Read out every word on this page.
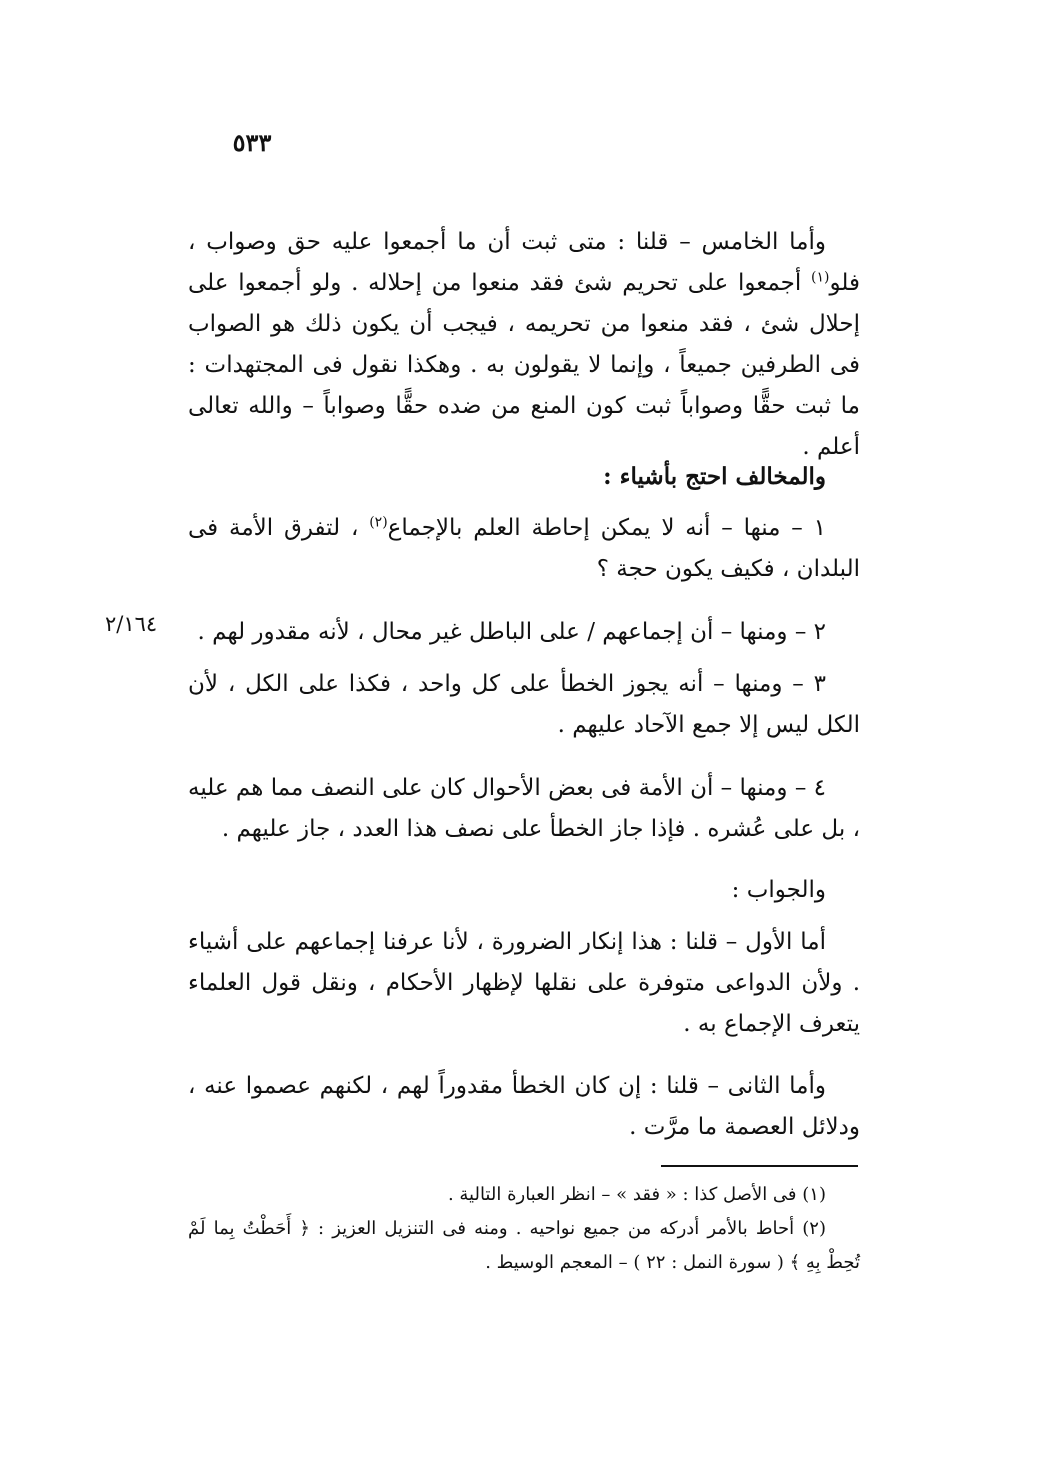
٥٣٣
٢/١٦٤

وأما الخامس – قلنا : متى ثبت أن ما أجمعوا عليه حق وصواب ، فلو$^{(١)}$ أجمعوا على تحريم شئ فقد منعوا من إحلاله . ولو أجمعوا على إحلال شئ ، فقد منعوا من تحريمه ، فيجب أن يكون ذلك هو الصواب فى الطرفين جميعاً ، وإنما لا يقولون به . وهكذا نقول فى المجتهدات : ما ثبت حقًّا وصواباً ثبت كون المنع من ضده حقًّا وصواباً – والله تعالى أعلم .

والمخالف احتج بأشياء :

١ – منها – أنه لا يمكن إحاطة العلم بالإجماع$^{(٢)}$ ، لتفرق الأمة فى البلدان ، فكيف يكون حجة ؟

٢ – ومنها – أن إجماعهم / على الباطل غير محال ، لأنه مقدور لهم .

٣ – ومنها – أنه يجوز الخطأ على كل واحد ، فكذا على الكل ، لأن الكل ليس إلا جمع الآحاد عليهم .

٤ – ومنها – أن الأمة فى بعض الأحوال كان على النصف مما هم عليه ، بل على عُشره . فإذا جاز الخطأ على نصف هذا العدد ، جاز عليهم .

والجواب :

أما الأول – قلنا : هذا إنكار الضرورة ، لأنا عرفنا إجماعهم على أشياء . ولأن الدواعى متوفرة على نقلها لإظهار الأحكام ، ونقل قول العلماء يتعرف الإجماع به .

وأما الثانى – قلنا : إن كان الخطأ مقدوراً لهم ، لكنهم عصموا عنه ، ودلائل العصمة ما مرَّت .

(١) فى الأصل كذا : « فقد » – انظر العبارة التالية .

(٢) أحاط بالأمر أدركه من جميع نواحيه . ومنه فى التنزيل العزيز : ﴿ أَحَطْتُ بِما لَمْ تُحِطْ بِهِ ﴾ ( سورة النمل : ٢٢ ) – المعجم الوسيط .
